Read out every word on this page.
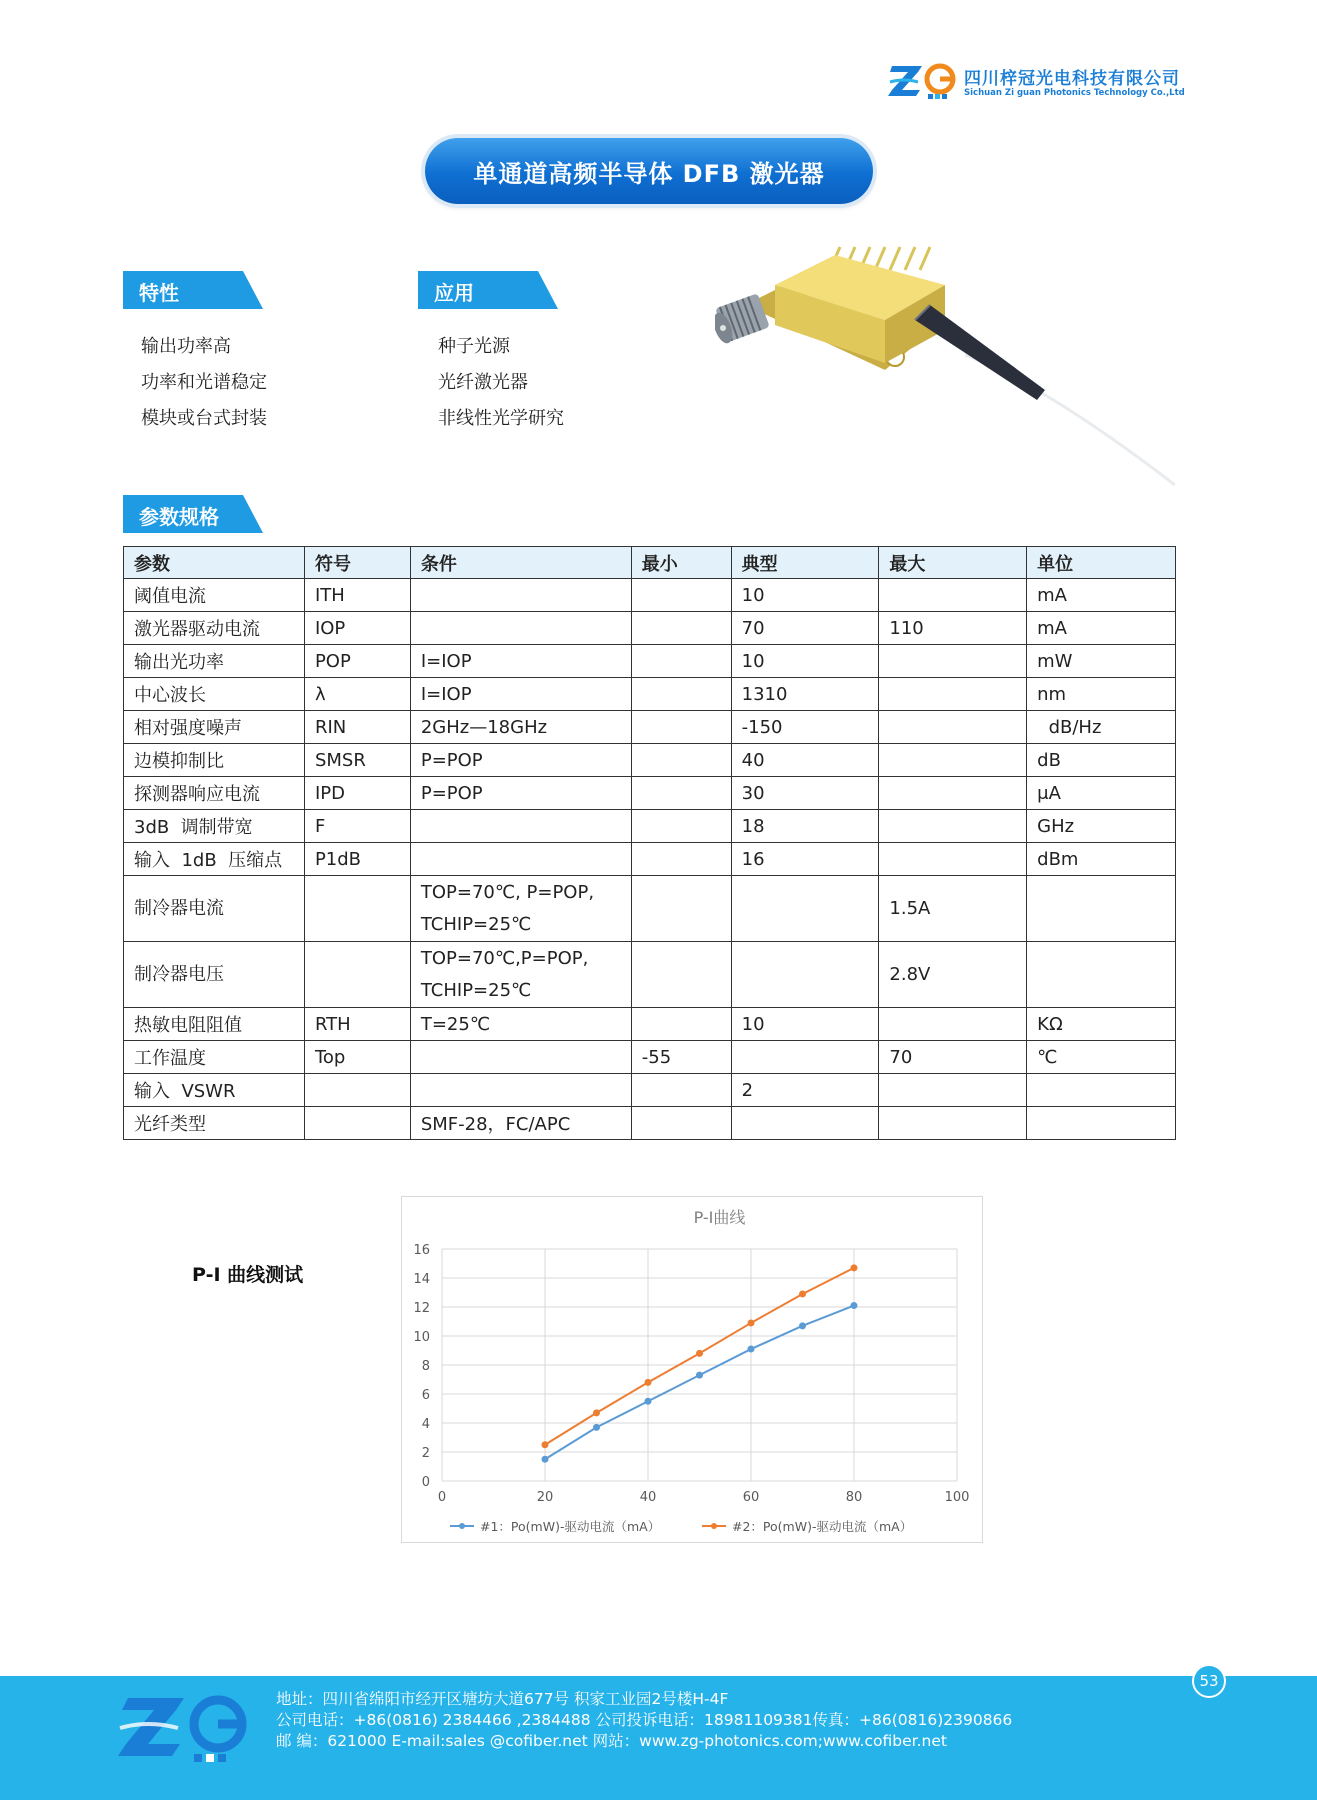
四川梓冠光电科技有限公司
Sichuan Zi guan Photonics Technology Co.,Ltd
单通道高频半导体 DFB 激光器
特性
输出功率高
功率和光谱稳定
模块或台式封装
应用
种子光源
光纤激光器
非线性光学研究
参数规格
参数	符号	条件	最小	典型	最大	单位
阈值电流	ITH			10		mA
激光器驱动电流	IOP			70	110	mA
输出光功率	POP	I=IOP		10		mW
中心波长	λ	I=IOP		1310		nm
相对强度噪声	RIN	2GHz—18GHz		-150		dB/Hz
边模抑制比	SMSR	P=POP		40		dB
探测器响应电流	IPD	P=POP		30		μA
3dB  调制带宽	F			18		GHz
输入  1dB  压缩点	P1dB			16		dBm
制冷器电流		TOP=70℃, P=POP,
TCHIP=25℃			1.5A	
制冷器电压		TOP=70℃,P=POP,
TCHIP=25℃			2.8V	
热敏电阻阻值	RTH	T=25℃		10		KΩ
工作温度	Top		-55		70	℃
输入  VSWR				2		
光纤类型		SMF-28，FC/APC				
P-I 曲线测试
P-I曲线
0
2
4
6
8
10
12
14
16
0	20	40	60	80	100
#1：Po(mW)-驱动电流（mA）	#2：Po(mW)-驱动电流（mA）
地址：四川省绵阳市经开区塘坊大道677号 积家工业园2号楼H-4F
公司电话：+86(0816) 2384466 ,2384488 公司投诉电话：18981109381传真：+86(0816)2390866
邮 编：621000 E-mail:sales @cofiber.net 网站：www.zg-photonics.com;www.cofiber.net
53
